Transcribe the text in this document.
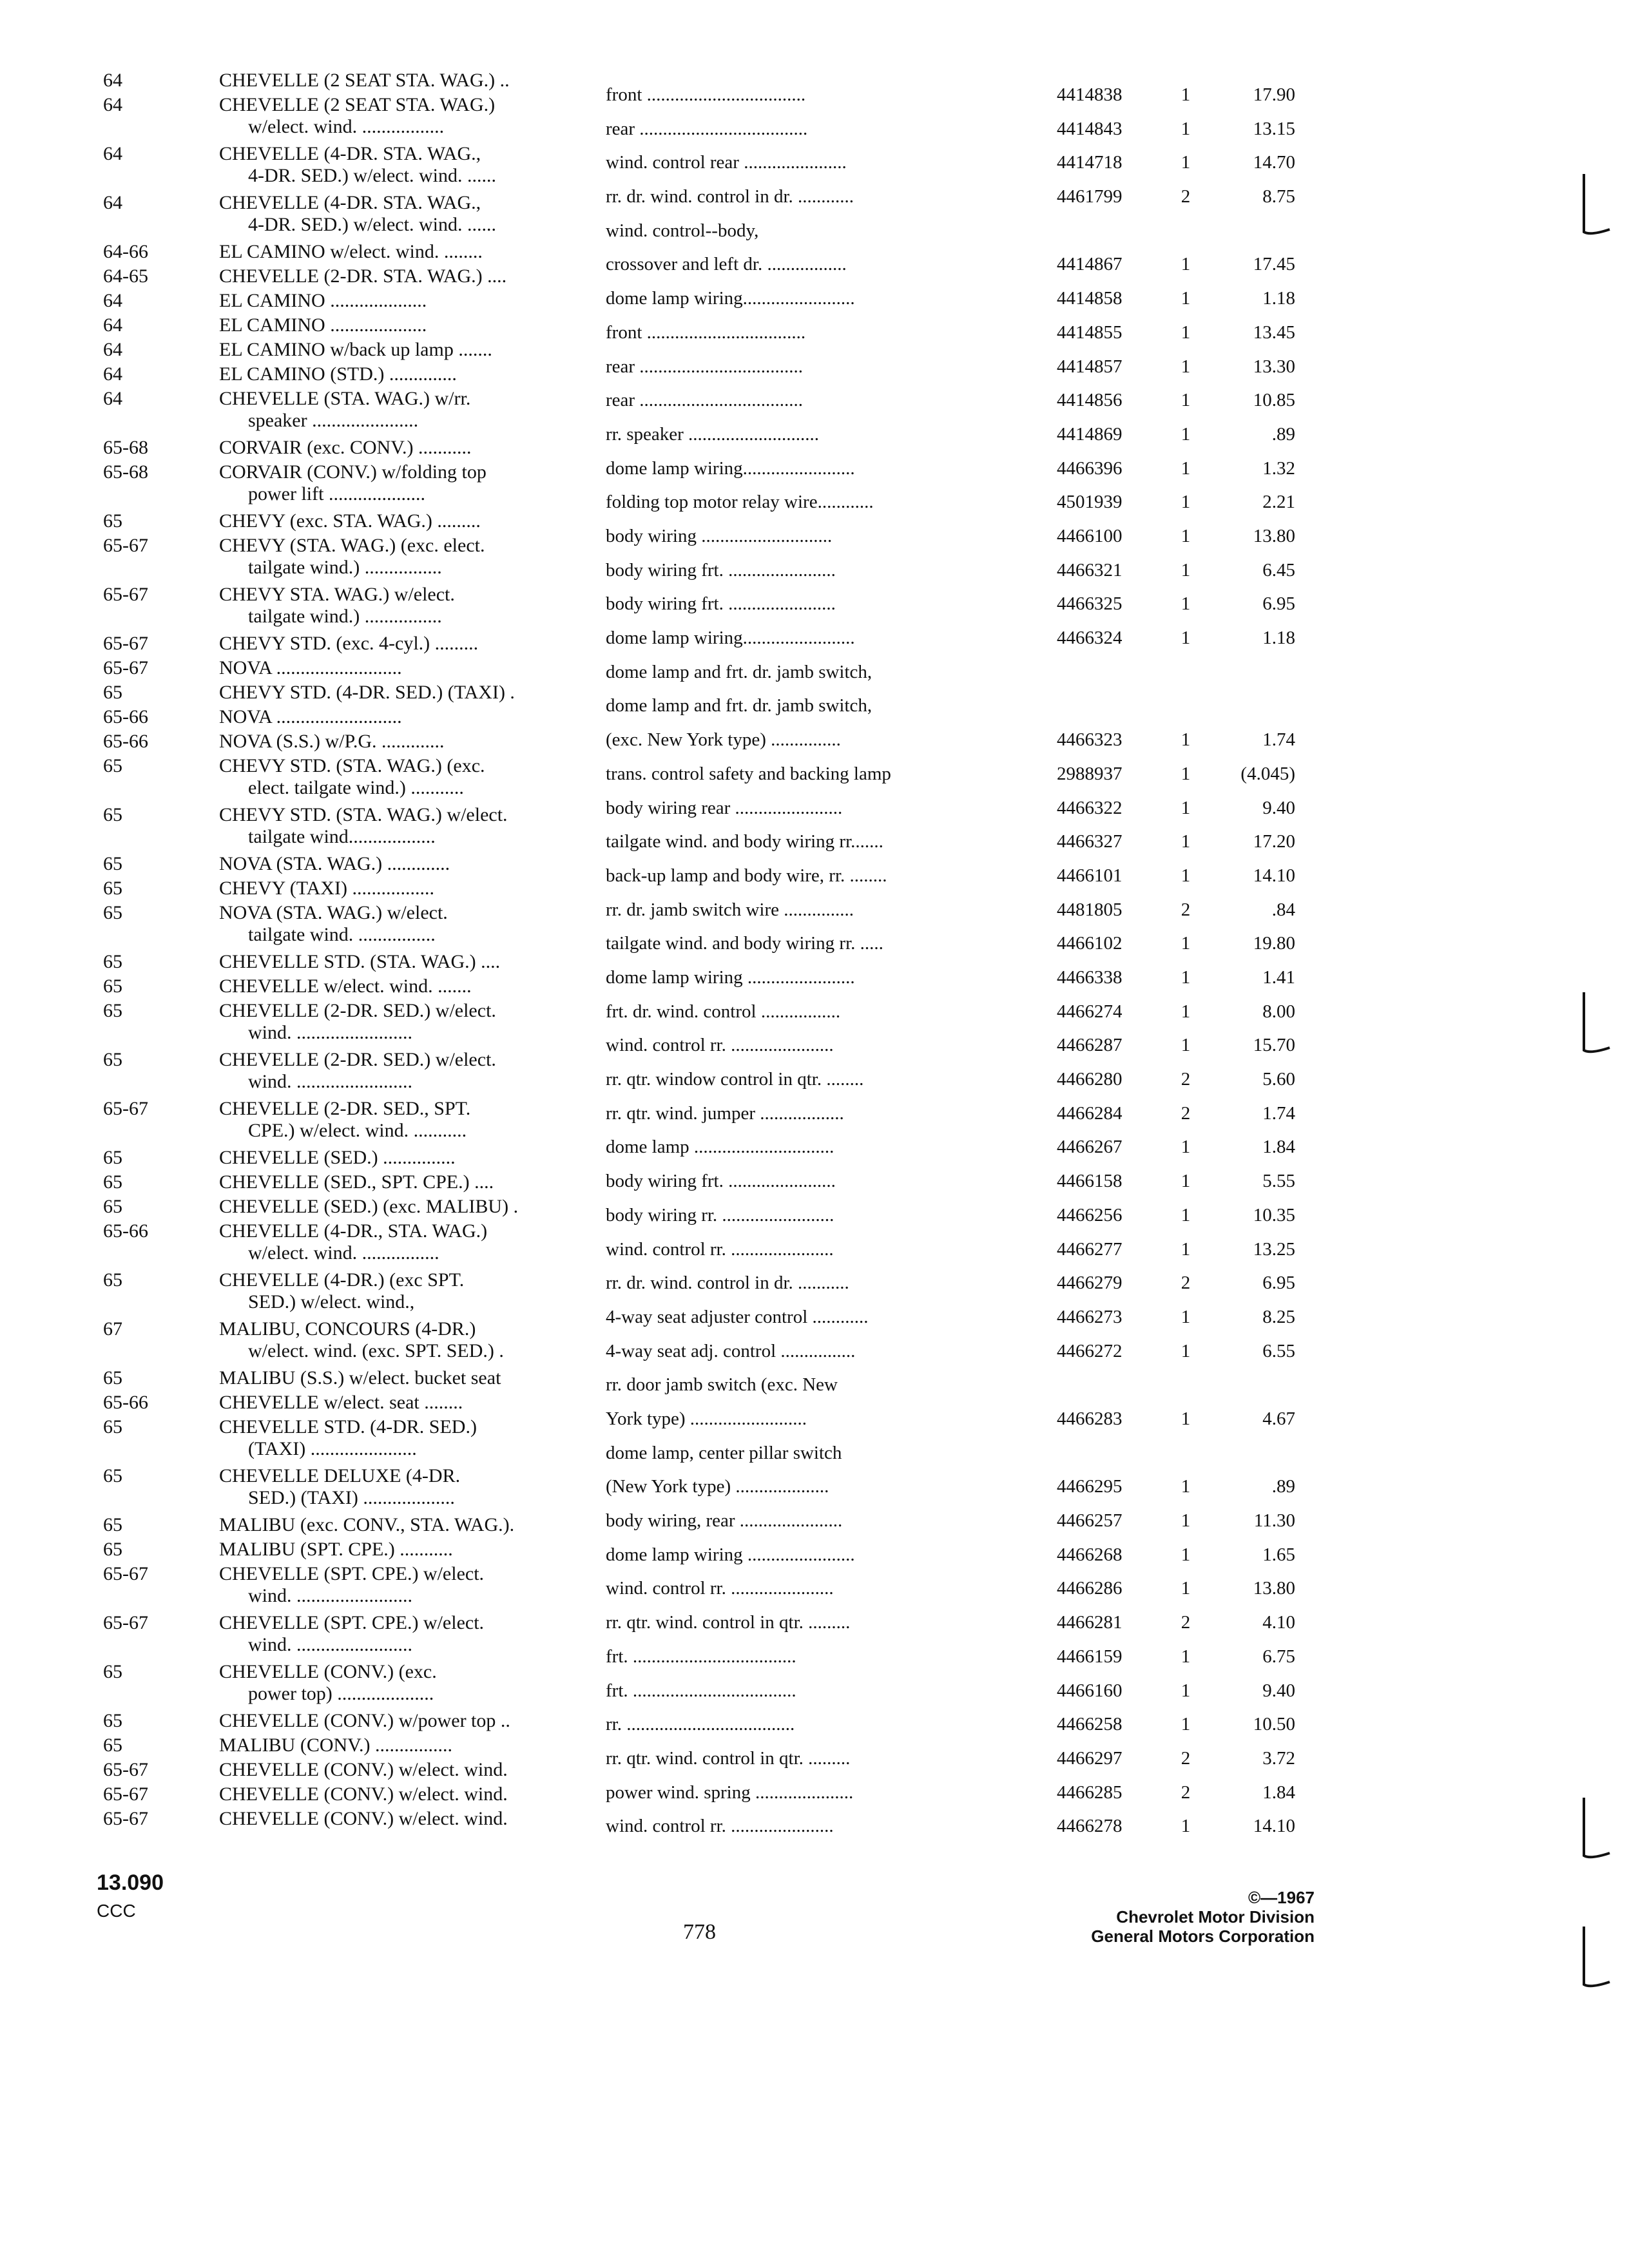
64	CHEVELLE (2 SEAT STA. WAG.) ..
64	CHEVELLE (2 SEAT STA. WAG.)
w/elect. wind. .................
64	CHEVELLE (4-DR. STA. WAG.,
4-DR. SED.) w/elect. wind. ......
64	CHEVELLE (4-DR. STA. WAG.,
4-DR. SED.) w/elect. wind. ......
64-66	EL CAMINO w/elect. wind. ........
64-65	CHEVELLE (2-DR. STA. WAG.) ....
64	EL CAMINO ....................
64	EL CAMINO ....................
64	EL CAMINO w/back up lamp .......
64	EL CAMINO (STD.) ..............
64	CHEVELLE (STA. WAG.) w/rr.
speaker ......................
65-68	CORVAIR (exc. CONV.) ...........
65-68	CORVAIR (CONV.) w/folding top
power lift ....................
65	CHEVY (exc. STA. WAG.) .........
65-67	CHEVY (STA. WAG.) (exc. elect.
tailgate wind.) ................
65-67	CHEVY STA. WAG.) w/elect.
tailgate wind.) ................
65-67	CHEVY STD. (exc. 4-cyl.) .........
65-67	NOVA ..........................
65	CHEVY STD. (4-DR. SED.) (TAXI) .
65-66	NOVA ..........................
65-66	NOVA (S.S.) w/P.G. .............
65	CHEVY STD. (STA. WAG.) (exc.
elect. tailgate wind.) ...........
65	CHEVY STD. (STA. WAG.) w/elect.
tailgate wind..................
65	NOVA (STA. WAG.) .............
65	CHEVY (TAXI) .................
65	NOVA (STA. WAG.) w/elect.
tailgate wind. ................
65	CHEVELLE STD. (STA. WAG.) ....
65	CHEVELLE w/elect. wind. .......
65	CHEVELLE (2-DR. SED.) w/elect.
wind. ........................
65	CHEVELLE (2-DR. SED.) w/elect.
wind. ........................
65-67	CHEVELLE (2-DR. SED., SPT.
CPE.) w/elect. wind. ...........
65	CHEVELLE (SED.) ...............
65	CHEVELLE (SED., SPT. CPE.) ....
65	CHEVELLE (SED.) (exc. MALIBU) .
65-66	CHEVELLE (4-DR., STA. WAG.)
w/elect. wind. ................
65	CHEVELLE (4-DR.) (exc SPT.
SED.) w/elect. wind.,
67	MALIBU, CONCOURS (4-DR.)
w/elect. wind. (exc. SPT. SED.) .
65	MALIBU (S.S.) w/elect. bucket seat
65-66	CHEVELLE w/elect. seat ........
65	CHEVELLE STD. (4-DR. SED.)
(TAXI) ......................
65	CHEVELLE DELUXE (4-DR.
SED.) (TAXI) ...................
65	MALIBU (exc. CONV., STA. WAG.).
65	MALIBU (SPT. CPE.) ...........
65-67	CHEVELLE (SPT. CPE.) w/elect.
wind. ........................
65-67	CHEVELLE (SPT. CPE.) w/elect.
wind. ........................
65	CHEVELLE (CONV.) (exc.
power top) ....................
65	CHEVELLE (CONV.) w/power top ..
65	MALIBU (CONV.) ................
65-67	CHEVELLE (CONV.) w/elect. wind.
65-67	CHEVELLE (CONV.) w/elect. wind.
65-67	CHEVELLE (CONV.) w/elect. wind.
front ..................................	4414838	1	17.90
rear ....................................	4414843	1	13.15
wind. control rear ......................	4414718	1	14.70
rr. dr. wind. control in dr. ............	4461799	2	8.75
wind. control--body,
crossover and left dr. .................	4414867	1	17.45
dome lamp wiring........................	4414858	1	1.18
front ..................................	4414855	1	13.45
rear ...................................	4414857	1	13.30
rear ...................................	4414856	1	10.85
rr. speaker ............................	4414869	1	.89
dome lamp wiring........................	4466396	1	1.32
folding top motor relay wire............	4501939	1	2.21
body wiring ............................	4466100	1	13.80
body wiring frt. .......................	4466321	1	6.45
body wiring frt. .......................	4466325	1	6.95
dome lamp wiring........................	4466324	1	1.18
dome lamp and frt. dr. jamb switch,
dome lamp and frt. dr. jamb switch,
(exc. New York type) ...............	4466323	1	1.74
trans. control safety and backing lamp	2988937	1	(4.045)
body wiring rear .......................	4466322	1	9.40
tailgate wind. and body wiring rr.......	4466327	1	17.20
back-up lamp and body wire, rr. ........	4466101	1	14.10
rr. dr. jamb switch wire ...............	4481805	2	.84
tailgate wind. and body wiring rr. .....	4466102	1	19.80
dome lamp wiring .......................	4466338	1	1.41
frt. dr. wind. control .................	4466274	1	8.00
wind. control rr. ......................	4466287	1	15.70
rr. qtr. window control in qtr. ........	4466280	2	5.60
rr. qtr. wind. jumper ..................	4466284	2	1.74
dome lamp ..............................	4466267	1	1.84
body wiring frt. .......................	4466158	1	5.55
body wiring rr. ........................	4466256	1	10.35
wind. control rr. ......................	4466277	1	13.25
rr. dr. wind. control in dr. ...........	4466279	2	6.95
4-way seat adjuster control ............	4466273	1	8.25
4-way seat adj. control ................	4466272	1	6.55
rr. door jamb switch (exc. New
York type) .........................	4466283	1	4.67
dome lamp, center pillar switch
(New York type) ....................	4466295	1	.89
body wiring, rear ......................	4466257	1	11.30
dome lamp wiring .......................	4466268	1	1.65
wind. control rr. ......................	4466286	1	13.80
rr. qtr. wind. control in qtr. .........	4466281	2	4.10
frt. ...................................	4466159	1	6.75
frt. ...................................	4466160	1	9.40
rr. ....................................	4466258	1	10.50
rr. qtr. wind. control in qtr. .........	4466297	2	3.72
power wind. spring .....................	4466285	2	1.84
wind. control rr. ......................	4466278	1	14.10
13.090
CCC
778
©—1967
Chevrolet Motor Division
General Motors Corporation
